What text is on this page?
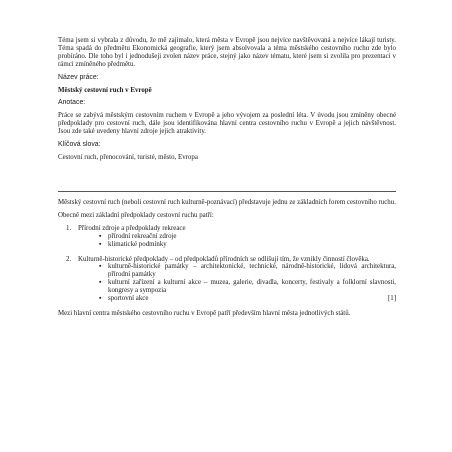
Téma jsem si vybrala z důvodu, že mě zajímalo, která města v Evropě jsou nejvíce navštěvovaná a nejvíce lákají turisty. Téma spadá do předmětu Ekonomická geografie, který jsem absolvovala a téma městského cestovního ruchu zde bylo probíráno. Dle toho byl i jednodušeji zvolen název práce, stejný jako název tématu, které jsem si zvolila pro prezentaci v rámci zmíněného předmětu.

Název práce:

Městský cestovní ruch v Evropě

Anotace:

Práce se zabývá městským cestovním ruchem v Evropě a jeho vývojem za poslední léta. V úvodu jsou zmíněny obecné předpoklady pro cestovní ruch, dále jsou identifikována hlavní centra cestovního ruchu v Evropě a jejich návštěvnost. Jsou zde také uvedeny hlavní zdroje jejich atraktivity.

Klíčová slova:

Cestovní ruch, přenocování, turisté, město, Evropa

Městský cestovní ruch (neboli cestovní ruch kulturně-poznávací) představuje jednu ze základních forem cestovního ruchu.

Obecně mezi základní předpoklady cestovní ruchu patří:

1. Přírodní zdroje a předpoklady rekreace
▪ přírodní rekreační zdroje
▪ klimatické podmínky
2. Kulturně-historické předpoklady – od předpokladů přírodních se odlišují tím, že vznikly činností člověka.
▪ kulturně-historické památky – architektonické, technické, národně-historické, lidová architektura, přírodní památky
▪ kulturní zařízení a kulturní akce – muzea, galerie, divadla, koncerty, festivaly a folklorní slavnosti, kongresy a sympozia
▪ sportovní akce	[1]

Mezi hlavní centra městského cestovního ruchu v Evropě patří především hlavní města jednotlivých států.
